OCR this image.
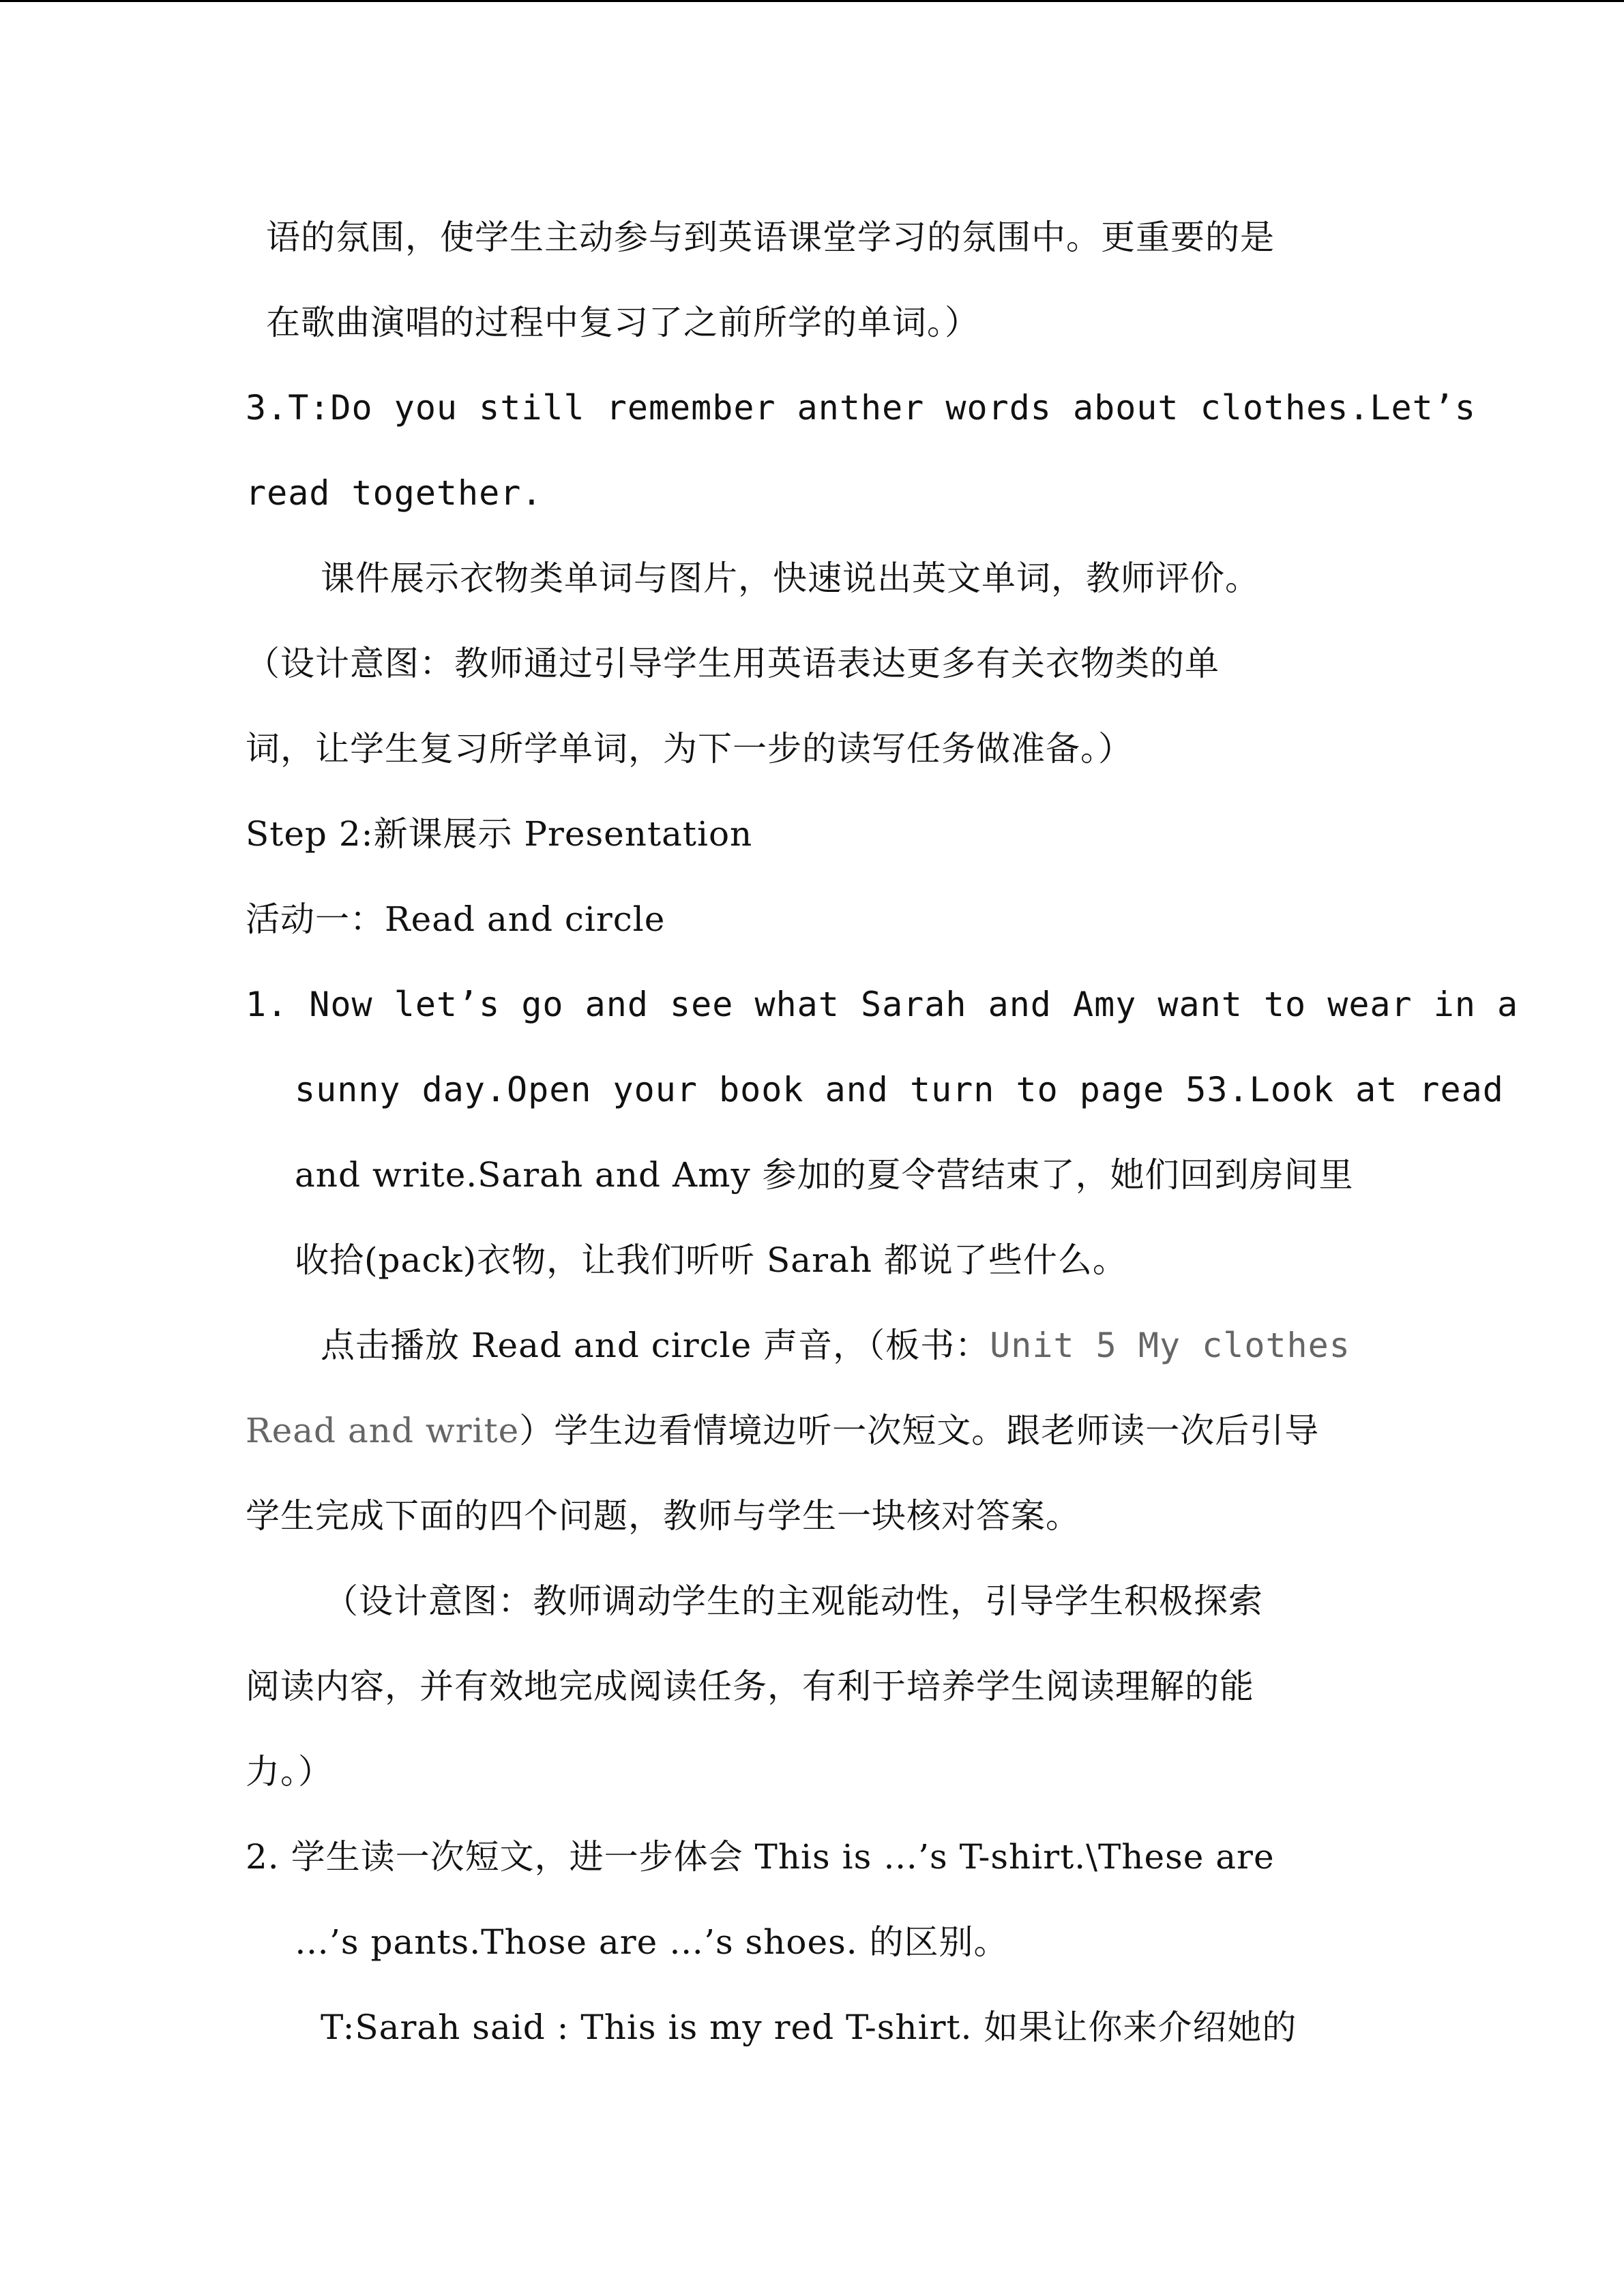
语的氛围，使学生主动参与到英语课堂学习的氛围中。更重要的是
在歌曲演唱的过程中复习了之前所学的单词。）
3.T:Do you still remember anther words about clothes.Let’s
read together.
课件展示衣物类单词与图片，快速说出英文单词，教师评价。
（设计意图：教师通过引导学生用英语表达更多有关衣物类的单
词，让学生复习所学单词，为下一步的读写任务做准备。）
Step 2:新课展示 Presentation
活动一：Read and circle
1. Now let’s go and see what Sarah and Amy want to wear in a
sunny day.Open your book and turn to page 53.Look at read
and write.Sarah and Amy 参加的夏令营结束了，她们回到房间里
收拾(pack)衣物，让我们听听 Sarah 都说了些什么。
点击播放 Read and circle 声音，（板书：Unit 5 My clothes
Read and write）学生边看情境边听一次短文。跟老师读一次后引导
学生完成下面的四个问题，教师与学生一块核对答案。
（设计意图：教师调动学生的主观能动性，引导学生积极探索
阅读内容，并有效地完成阅读任务，有利于培养学生阅读理解的能
力。）
2. 学生读一次短文，进一步体会 This is …’s T-shirt.\These are
…’s pants.Those are …’s shoes. 的区别。
T:Sarah said : This is my red T-shirt. 如果让你来介绍她的
